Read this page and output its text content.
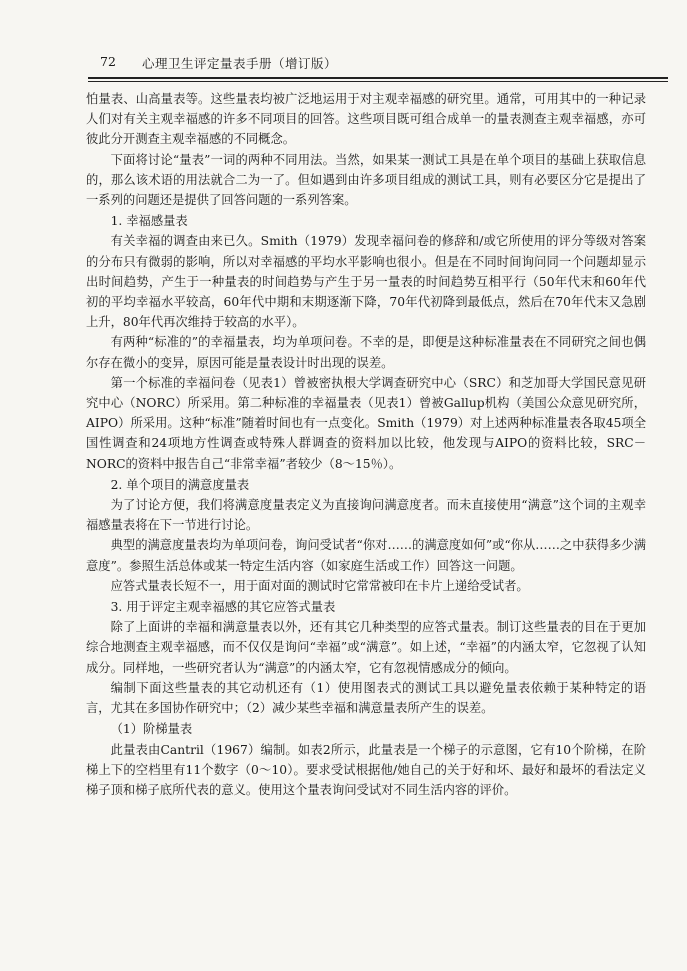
72 心理卫生评定量表手册（增订版）

怕量表、山高量表等。这些量表均被广泛地运用于对主观幸福感的研究里。通常，可用其中的一种记录人们对有关主观幸福感的许多不同项目的回答。这些项目既可组合成单一的量表测查主观幸福感，亦可彼此分开测查主观幸福感的不同概念。

下面将讨论“量表”一词的两种不同用法。当然，如果某一测试工具是在单个项目的基础上获取信息的，那么该术语的用法就合二为一了。但如遇到由许多项目组成的测试工具，则有必要区分它是提出了一系列的问题还是提供了回答问题的一系列答案。

1. 幸福感量表

有关幸福的调查由来已久。Smith（1979）发现幸福问卷的修辞和/或它所使用的评分等级对答案的分布只有微弱的影响，所以对幸福感的平均水平影响也很小。但是在不同时间询问同一个问题却显示出时间趋势，产生于一种量表的时间趋势与产生于另一量表的时间趋势互相平行（50年代末和60年代初的平均幸福水平较高，60年代中期和末期逐渐下降，70年代初降到最低点，然后在70年代末又急剧上升，80年代再次维持于较高的水平）。

有两种“标准的”的幸福量表，均为单项问卷。不幸的是，即便是这种标准量表在不同研究之间也偶尔存在微小的变异，原因可能是量表设计时出现的误差。

第一个标准的幸福问卷（见表1）曾被密执根大学调查研究中心（SRC）和芝加哥大学国民意见研究中心（NORC）所采用。第二种标准的幸福量表（见表1）曾被Gallup机构（美国公众意见研究所，AIPO）所采用。这种“标准”随着时间也有一点变化。Smith（1979）对上述两种标准量表各取45项全国性调查和24项地方性调查或特殊人群调查的资料加以比较，他发现与AIPO的资料比较，SRC－NORC的资料中报告自己“非常幸福”者较少（8～15％）。

2. 单个项目的满意度量表

为了讨论方便，我们将满意度量表定义为直接询问满意度者。而未直接使用“满意”这个词的主观幸福感量表将在下一节进行讨论。

典型的满意度量表均为单项问卷，询问受试者“你对……的满意度如何”或“你从……之中获得多少满意度”。参照生活总体或某一特定生活内容（如家庭生活或工作）回答这一问题。

应答式量表长短不一，用于面对面的测试时它常常被印在卡片上递给受试者。

3. 用于评定主观幸福感的其它应答式量表

除了上面讲的幸福和满意量表以外，还有其它几种类型的应答式量表。制订这些量表的目在于更加综合地测查主观幸福感，而不仅仅是询问“幸福”或“满意”。如上述，“幸福”的内涵太窄，它忽视了认知成分。同样地，一些研究者认为“满意”的内涵太窄，它有忽视情感成分的倾向。

编制下面这些量表的其它动机还有（1）使用图表式的测试工具以避免量表依赖于某种特定的语言，尤其在多国协作研究中；（2）减少某些幸福和满意量表所产生的误差。

（1）阶梯量表

此量表由Cantril（1967）编制。如表2所示，此量表是一个梯子的示意图，它有10个阶梯，在阶梯上下的空档里有11个数字（0～10）。要求受试根据他/她自己的关于好和坏、最好和最坏的看法定义梯子顶和梯子底所代表的意义。使用这个量表询问受试对不同生活内容的评价。
